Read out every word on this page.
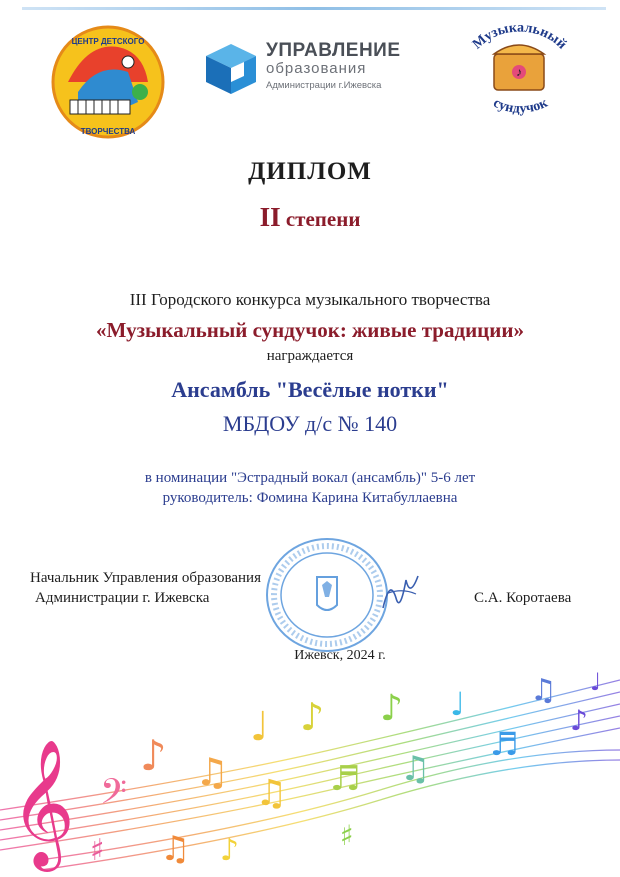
ЦЕНТР ДЕТСКОГО
ТВОРЧЕСТВА
УПРАВЛЕНИЕ
образования
Администрации г.Ижевска
♪
Музыкальный
сундучок
ДИПЛОМ
II степени
III Городского конкурса музыкального творчества
«Музыкальный сундучок: живые традиции»
награждается
Ансамбль "Весёлые нотки"
МБДОУ д/с № 140
в номинации "Эстрадный вокал (ансамбль)" 5-6 лет
руководитель: Фомина Карина Китабуллаевна
Начальник Управления образования
Администрации г. Ижевска	С.А. Коротаева
Ижевск, 2024 г.
𝄞 𝄢
♪ ♫
♩ ♪
♫ ♬
♪
♫
♩
♬
♫
♪
♩
♯	♯
♫ ♪
